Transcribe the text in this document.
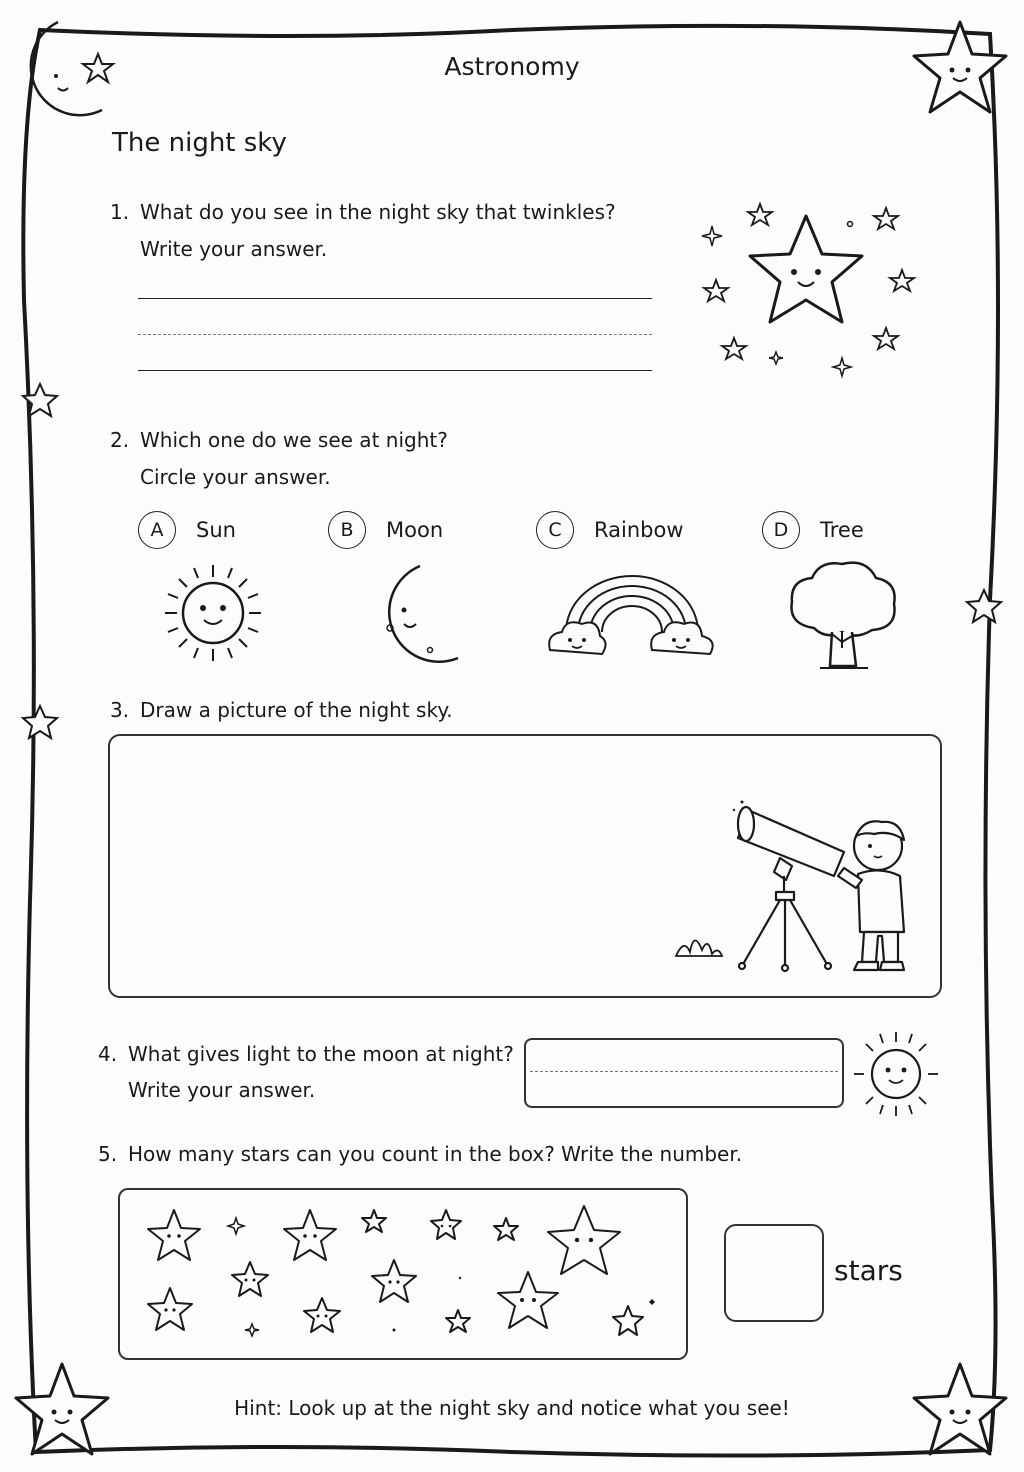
Astronomy
The night sky
1. What do you see in the night sky that twinkles?
Write your answer.
2. Which one do we see at night?
Circle your answer.
A	Sun	B	Moon	C	Rainbow	D	Tree
3. Draw a picture of the night sky.
4. What gives light to the moon at night?
Write your answer.
5. How many stars can you count in the box? Write the number.
stars
Hint: Look up at the night sky and notice what you see!
